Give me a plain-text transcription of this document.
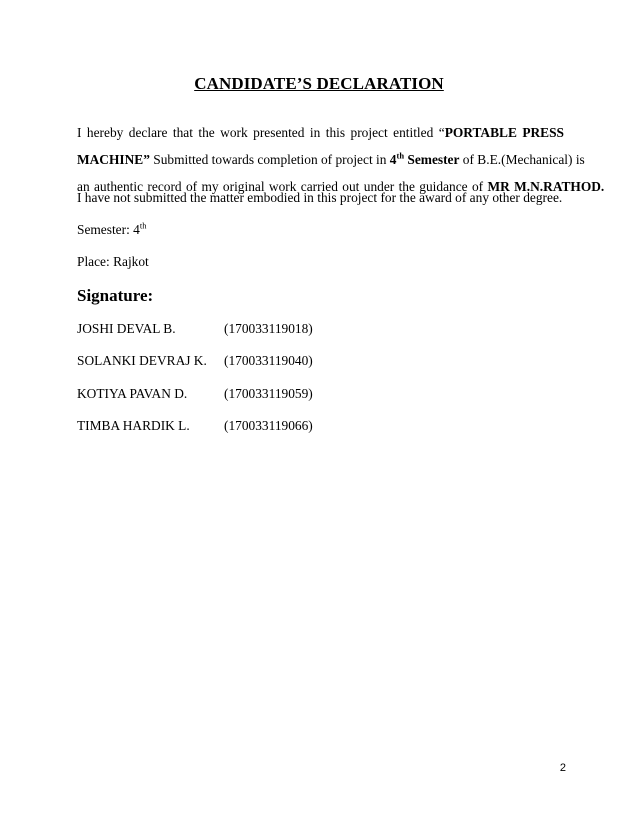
CANDIDATE’S DECLARATION
I hereby declare that the work presented in this project entitled “PORTABLE PRESS
MACHINE” Submitted towards completion of project in 4th Semester of B.E.(Mechanical) is
an authentic record of my original work carried out under the guidance of MR M.N.RATHOD.
I have not submitted the matter embodied in this project for the award of any other degree.
Semester: 4th
Place: Rajkot
Signature:
JOSHI DEVAL B.	(170033119018)
SOLANKI DEVRAJ K. (170033119040)
KOTIYA PAVAN D.	(170033119059)
TIMBA HARDIK L.	(170033119066)
2
